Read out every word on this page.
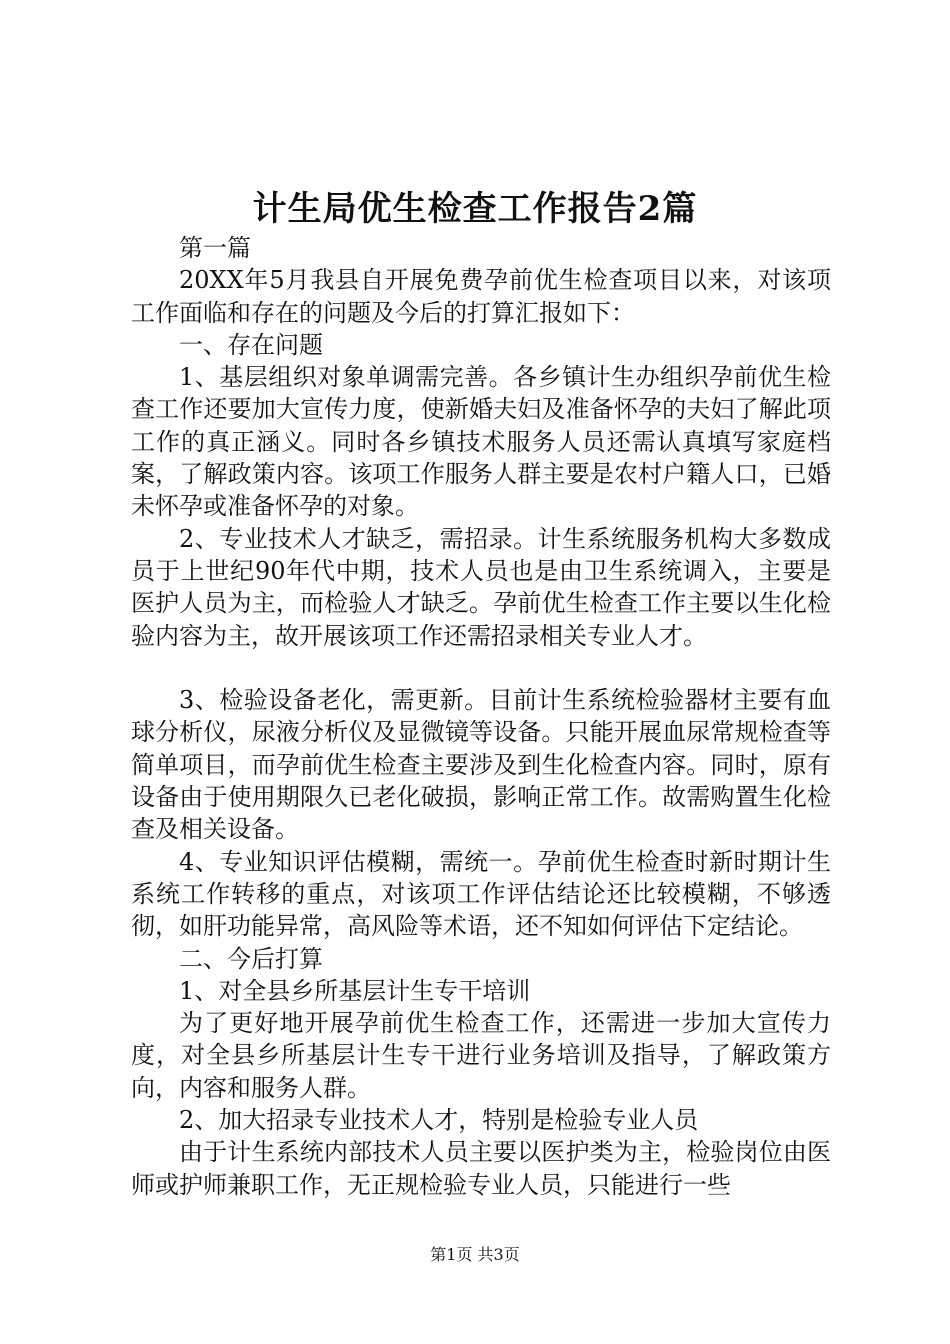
计生局优生检查工作报告2篇

第一篇

20XX年5月我县自开展免费孕前优生检查项目以来，对该项工作面临和存在的问题及今后的打算汇报如下：

一、存在问题

1、基层组织对象单调需完善。各乡镇计生办组织孕前优生检查工作还要加大宣传力度，使新婚夫妇及准备怀孕的夫妇了解此项工作的真正涵义。同时各乡镇技术服务人员还需认真填写家庭档案，了解政策内容。该项工作服务人群主要是农村户籍人口，已婚未怀孕或准备怀孕的对象。

2、专业技术人才缺乏，需招录。计生系统服务机构大多数成员于上世纪90年代中期，技术人员也是由卫生系统调入，主要是医护人员为主，而检验人才缺乏。孕前优生检查工作主要以生化检验内容为主，故开展该项工作还需招录相关专业人才。

3、检验设备老化，需更新。目前计生系统检验器材主要有血球分析仪，尿液分析仪及显微镜等设备。只能开展血尿常规检查等简单项目，而孕前优生检查主要涉及到生化检查内容。同时，原有设备由于使用期限久已老化破损，影响正常工作。故需购置生化检查及相关设备。

4、专业知识评估模糊，需统一。孕前优生检查时新时期计生系统工作转移的重点，对该项工作评估结论还比较模糊，不够透彻，如肝功能异常，高风险等术语，还不知如何评估下定结论。

二、今后打算

1、对全县乡所基层计生专干培训

为了更好地开展孕前优生检查工作，还需进一步加大宣传力度，对全县乡所基层计生专干进行业务培训及指导，了解政策方向，内容和服务人群。

2、加大招录专业技术人才，特别是检验专业人员

由于计生系统内部技术人员主要以医护类为主，检验岗位由医师或护师兼职工作，无正规检验专业人员，只能进行一些

第1页 共3页
